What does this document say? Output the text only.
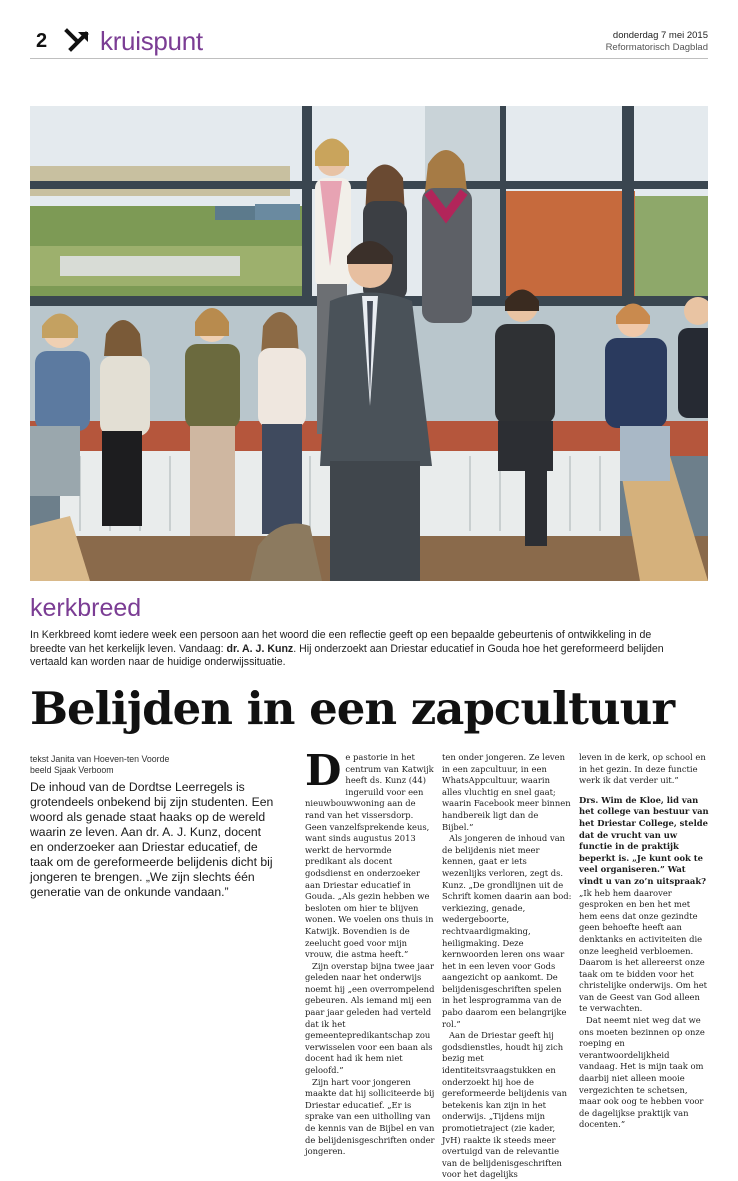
2 kruispunt	donderdag 7 mei 2015
Reformatorisch Dagblad
kerkbreed
In Kerkbreed komt iedere week een persoon aan het woord die een reflectie geeft op een bepaalde gebeurtenis of ontwikkeling in de breedte van het kerkelijk leven. Vandaag: dr. A. J. Kunz. Hij onderzoekt aan Driestar educatief in Gouda hoe het gereformeerd belijden vertaald kan worden naar de huidige onderwijssituatie.
Belijden in een zapcultuur
tekst Janita van Hoeven-ten Voorde
beeld Sjaak Verboom
De inhoud van de Dordtse Leerregels is grotendeels onbekend bij zijn studenten. Een woord als genade staat haaks op de wereld waarin ze leven. Aan dr. A. J. Kunz, docent en onderzoeker aan Driestar educatief, de taak om de gereformeerde belijdenis dicht bij jongeren te brengen. „We zijn slechts één generatie van de onkunde vandaan.”
D e pastorie in het centrum van Katwijk heeft ds. Kunz (44) ingeruild voor een nieuwbouwwoning aan de rand van het vissersdorp. Geen vanzelfsprekende keus, want sinds augustus 2013 werkt de hervormde predikant als docent godsdienst en onderzoeker aan Driestar educatief in Gouda. „Als gezin hebben we besloten om hier te blijven wonen. We voelen ons thuis in Katwijk. Bovendien is de zeelucht goed voor mijn vrouw, die astma heeft.”

Zijn overstap bijna twee jaar geleden naar het onderwijs noemt hij „een overrompelend gebeuren. Als iemand mij een paar jaar geleden had verteld dat ik het gemeentepredikantschap zou verwisselen voor een baan als docent had ik hem niet geloofd.”

Zijn hart voor jongeren maakte dat hij solliciteerde bij Driestar educatief. „Er is sprake van een uitholling van de kennis van de Bijbel en van de belijdenisgeschriften onder jongeren.

ten onder jongeren. Ze leven in een zapcultuur, in een WhatsAppcultuur, waarin alles vluchtig en snel gaat; waarin Facebook meer binnen handbereik ligt dan de Bijbel.”

Als jongeren de inhoud van de belijdenis niet meer kennen, gaat er iets wezenlijks verloren, zegt ds. Kunz. „De grondlijnen uit de Schrift komen daarin aan bod: verkiezing, genade, wedergeboorte, rechtvaardigmaking, heiligmaking. Deze kernwoorden leren ons waar het in een leven voor Gods aangezicht op aankomt. De belijdenisgeschriften spelen in het lesprogramma van de pabo daarom een belangrijke rol.”

Aan de Driestar geeft hij godsdienstles, houdt hij zich bezig met identiteitsvraagstukken en onderzoekt hij hoe de gereformeerde belijdenis van betekenis kan zijn in het onderwijs. „Tijdens mijn promotietraject (zie kader, JvH) raakte ik steeds meer overtuigd van de relevantie van de belijdenisgeschriften voor het dagelijks

leven in de kerk, op school en in het gezin. In deze functie werk ik dat verder uit.”

Drs. Wim de Kloe, lid van het college van bestuur van het Driestar College, stelde dat de vrucht van uw functie in de praktijk beperkt is. „Je kunt ook te veel organiseren.” Wat vindt u van zo’n uitspraak?

„Ik heb hem daarover gesproken en ben het met hem eens dat onze gezindte geen behoefte heeft aan denktanks en activiteiten die onze leegheid verbloemen. Daarom is het allereerst onze taak om te bidden voor het christelijke onderwijs. Om het van de Geest van God alleen te verwachten.

Dat neemt niet weg dat we ons moeten bezinnen op onze roeping en verantwoordelijkheid vandaag. Het is mijn taak om daarbij niet alleen mooie vergezichten te schetsen, maar ook oog te hebben voor de dagelijkse praktijk van docenten.”
